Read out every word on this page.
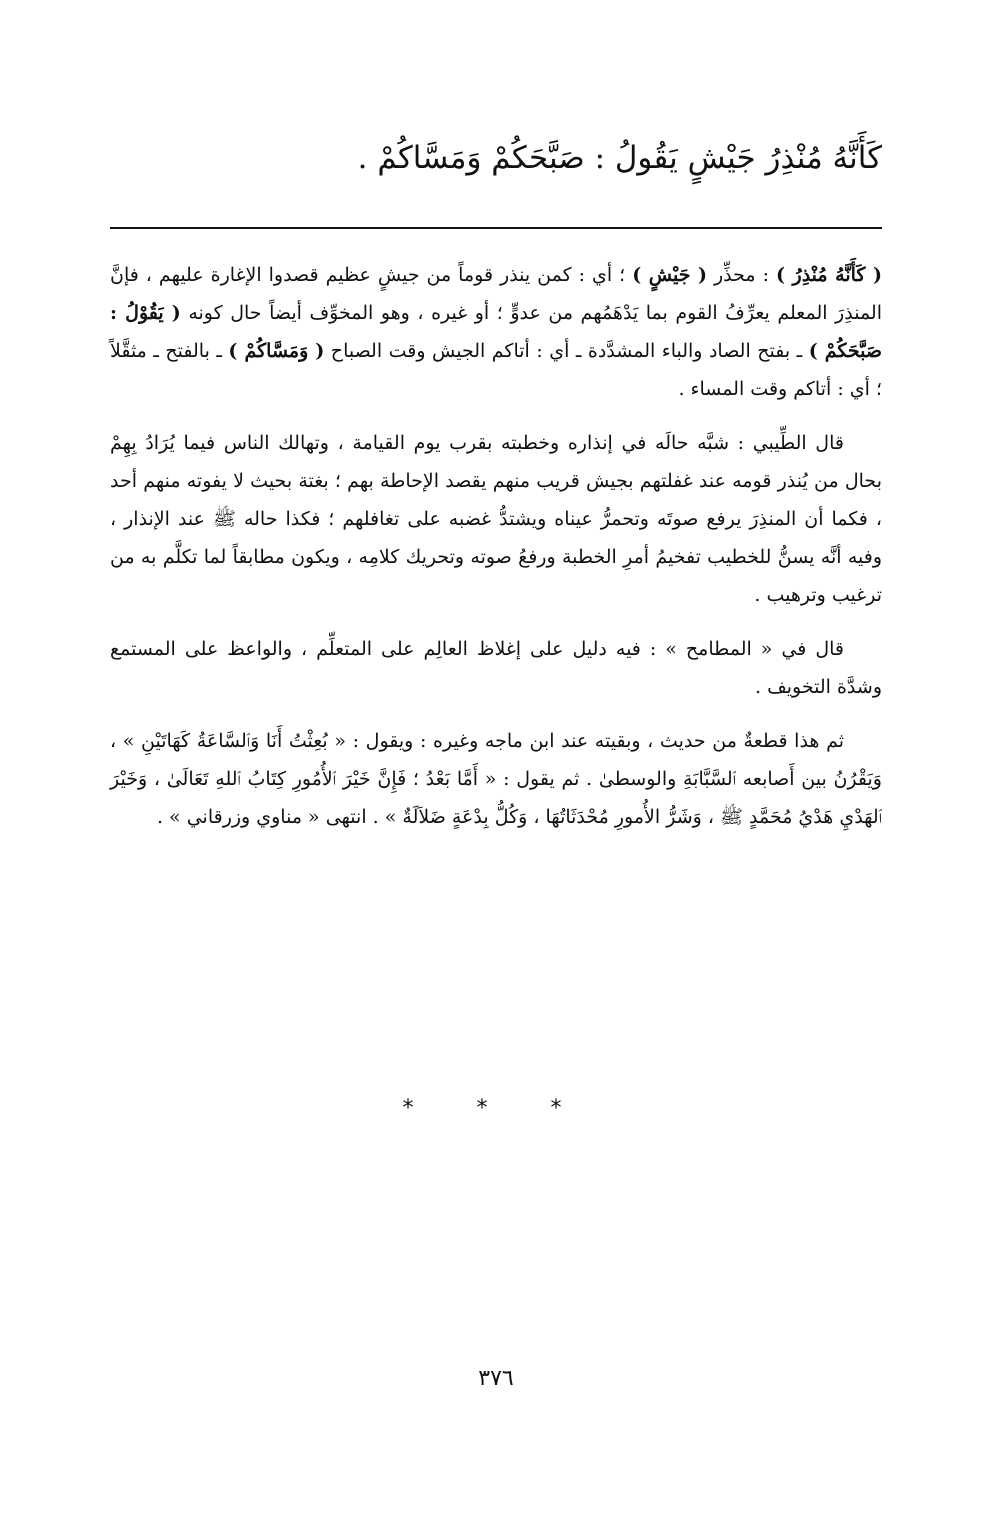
كَأَنَّهُ مُنْذِرُ جَيْشٍ يَقُولُ : صَبَّحَكُمْ وَمَسَّاكُمْ .

( كَأَنَّهُ مُنْذِرُ ) : محذِّر ( جَيْشٍ ) ؛ أي : كمن ينذر قوماً من جيشٍ عظيم قصدوا الإغارة عليهم ، فإنَّ المنذِرَ المعلم يعرِّفُ القوم بما يَدْهَمُهم من عدوٍّ ؛ أو غيره ، وهو المخوِّف أيضاً حال كونه ( يَقُوْلُ : صَبَّحَكُمْ ) ـ بفتح الصاد والباء المشدَّدة ـ أي : أتاكم الجيش وقت الصباح ( وَمَسَّاكُمْ ) ـ بالفتح ـ مثقَّلاً ؛ أي : أتاكم وقت المساء .

قال الطِّيبي : شبَّه حالَه في إنذاره وخطبته بقرب يوم القيامة ، وتهالك الناس فيما يُرَادُ بِهِمْ بحال من يُنذر قومه عند غفلتهم بجيش قريب منهم يقصد الإحاطة بهم ؛ بغتة بحيث لا يفوته منهم أحد ، فكما أن المنذِرَ يرفع صوتَه وتحمرُّ عيناه ويشتدُّ غضبه على تغافلهم ؛ فكذا حاله ﷺ عند الإنذار ، وفيه أنَّه يسنُّ للخطيب تفخيمُ أمرِ الخطبة ورفعُ صوته وتحريك كلامِه ، ويكون مطابقاً لما تكلَّم به من ترغيب وترهيب .

قال في « المطامح » : فيه دليل على إغلاظ العالِم على المتعلِّم ، والواعظ على المستمع وشدَّة التخويف .

ثم هذا قطعةٌ من حديث ، وبقيته عند ابن ماجه وغيره : ويقول : « بُعِثْتُ أَنَا وَٱلسَّاعَةُ كَهَاتَيْنِ » ، وَيَقْرُنُ بين أَصابعه ٱلسَّبَّابَةِ والوسطىٰ . ثم يقول : « أَمَّا بَعْدُ ؛ فَإِنَّ خَيْرَ ٱلأُمُورِ كِتَابُ ٱللهِ تَعَالَىٰ ، وَخَيْرَ ٱلهَدْيِ هَدْيُ مُحَمَّدٍ ﷺ ، وَشَرُّ الأُمورِ مُحْدَثَاتُهَا ، وَكُلُّ بِدْعَةٍ ضَلاَلَةٌ » . انتهى « مناوي وزرقاني » .

* * *
٣٧٦
